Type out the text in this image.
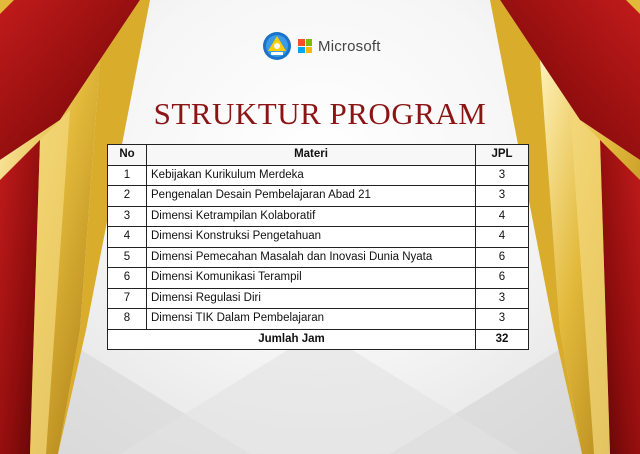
Microsoft
STRUKTUR PROGRAM
No	Materi	JPL
1	Kebijakan Kurikulum Merdeka	3
2	Pengenalan Desain Pembelajaran Abad 21	3
3	Dimensi Ketrampilan Kolaboratif	4
4	Dimensi Konstruksi Pengetahuan	4
5	Dimensi Pemecahan Masalah dan Inovasi Dunia Nyata	6
6	Dimensi Komunikasi Terampil	6
7	Dimensi Regulasi Diri	3
8	Dimensi TIK Dalam Pembelajaran	3
Jumlah Jam		32
